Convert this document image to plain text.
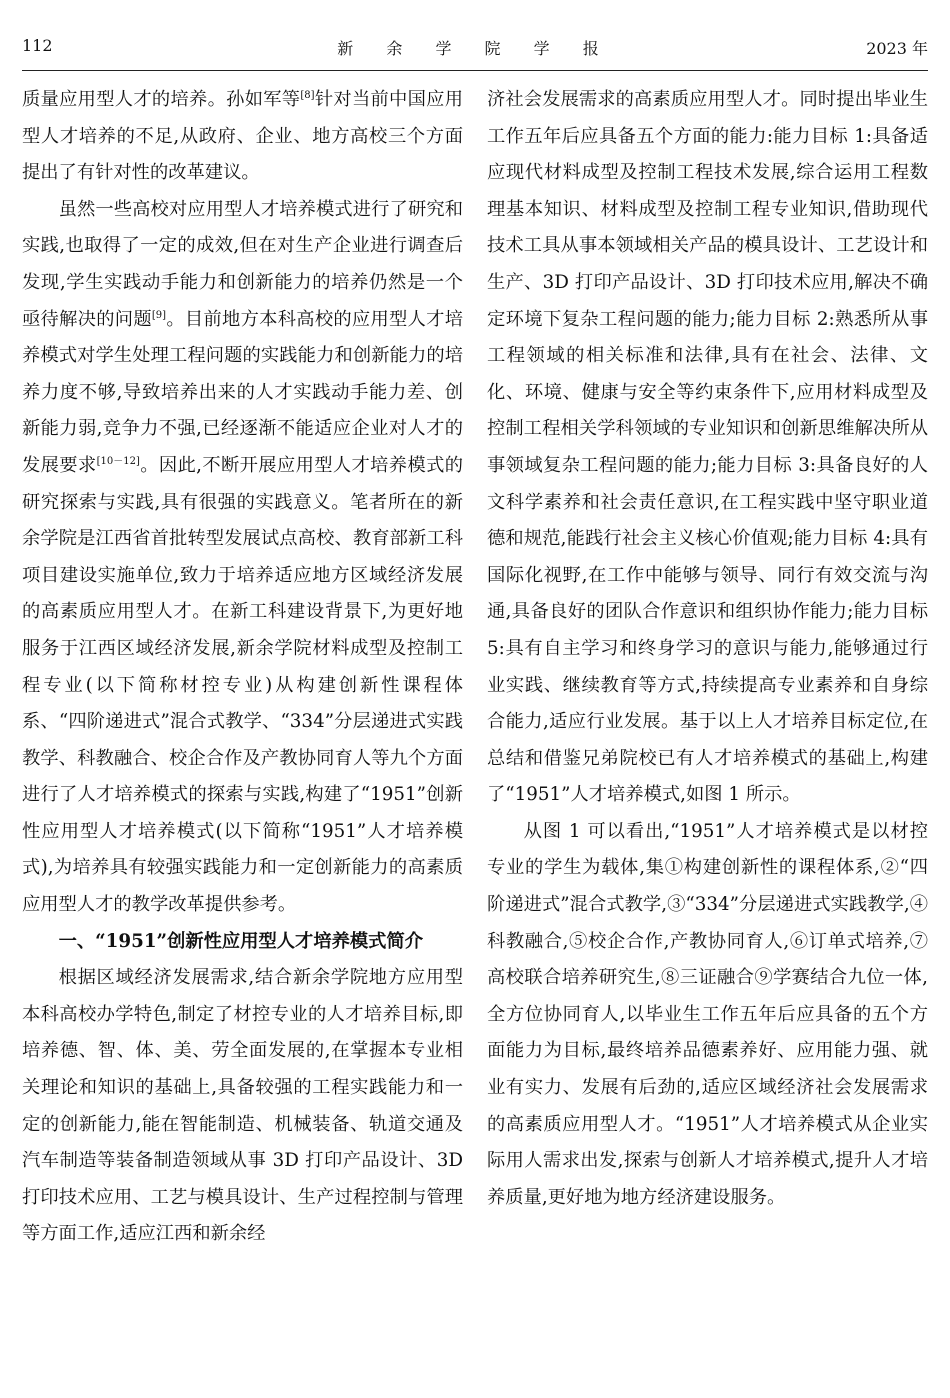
112	新 余 学 院 学 报	2023 年

质量应用型人才的培养。孙如军等[8]针对当前中国应用型人才培养的不足,从政府、企业、地方高校三个方面提出了有针对性的改革建议。

虽然一些高校对应用型人才培养模式进行了研究和实践,也取得了一定的成效,但在对生产企业进行调查后发现,学生实践动手能力和创新能力的培养仍然是一个亟待解决的问题[9]。目前地方本科高校的应用型人才培养模式对学生处理工程问题的实践能力和创新能力的培养力度不够,导致培养出来的人才实践动手能力差、创新能力弱,竞争力不强,已经逐渐不能适应企业对人才的发展要求[10－12]。因此,不断开展应用型人才培养模式的研究探索与实践,具有很强的实践意义。笔者所在的新余学院是江西省首批转型发展试点高校、教育部新工科项目建设实施单位,致力于培养适应地方区域经济发展的高素质应用型人才。在新工科建设背景下,为更好地服务于江西区域经济发展,新余学院材料成型及控制工程专业(以下简称材控专业)从构建创新性课程体系、“四阶递进式”混合式教学、“334”分层递进式实践教学、科教融合、校企合作及产教协同育人等九个方面进行了人才培养模式的探索与实践,构建了“1951”创新性应用型人才培养模式(以下简称“1951”人才培养模式),为培养具有较强实践能力和一定创新能力的高素质应用型人才的教学改革提供参考。

一、“1951”创新性应用型人才培养模式简介

根据区域经济发展需求,结合新余学院地方应用型本科高校办学特色,制定了材控专业的人才培养目标,即培养德、智、体、美、劳全面发展的,在掌握本专业相关理论和知识的基础上,具备较强的工程实践能力和一定的创新能力,能在智能制造、机械装备、轨道交通及汽车制造等装备制造领域从事 3D 打印产品设计、3D 打印技术应用、工艺与模具设计、生产过程控制与管理等方面工作,适应江西和新余经

济社会发展需求的高素质应用型人才。同时提出毕业生工作五年后应具备五个方面的能力:能力目标 1:具备适应现代材料成型及控制工程技术发展,综合运用工程数理基本知识、材料成型及控制工程专业知识,借助现代技术工具从事本领域相关产品的模具设计、工艺设计和生产、3D 打印产品设计、3D 打印技术应用,解决不确定环境下复杂工程问题的能力;能力目标 2:熟悉所从事工程领域的相关标准和法律,具有在社会、法律、文化、环境、健康与安全等约束条件下,应用材料成型及控制工程相关学科领域的专业知识和创新思维解决所从事领域复杂工程问题的能力;能力目标 3:具备良好的人文科学素养和社会责任意识,在工程实践中坚守职业道德和规范,能践行社会主义核心价值观;能力目标 4:具有国际化视野,在工作中能够与领导、同行有效交流与沟通,具备良好的团队合作意识和组织协作能力;能力目标 5:具有自主学习和终身学习的意识与能力,能够通过行业实践、继续教育等方式,持续提高专业素养和自身综合能力,适应行业发展。基于以上人才培养目标定位,在总结和借鉴兄弟院校已有人才培养模式的基础上,构建了“1951”人才培养模式,如图 1 所示。

从图 1 可以看出,“1951”人才培养模式是以材控专业的学生为载体,集①构建创新性的课程体系,②“四阶递进式”混合式教学,③“334”分层递进式实践教学,④科教融合,⑤校企合作,产教协同育人,⑥订单式培养,⑦高校联合培养研究生,⑧三证融合⑨学赛结合九位一体,全方位协同育人,以毕业生工作五年后应具备的五个方面能力为目标,最终培养品德素养好、应用能力强、就业有实力、发展有后劲的,适应区域经济社会发展需求的高素质应用型人才。“1951”人才培养模式从企业实际用人需求出发,探索与创新人才培养模式,提升人才培养质量,更好地为地方经济建设服务。
